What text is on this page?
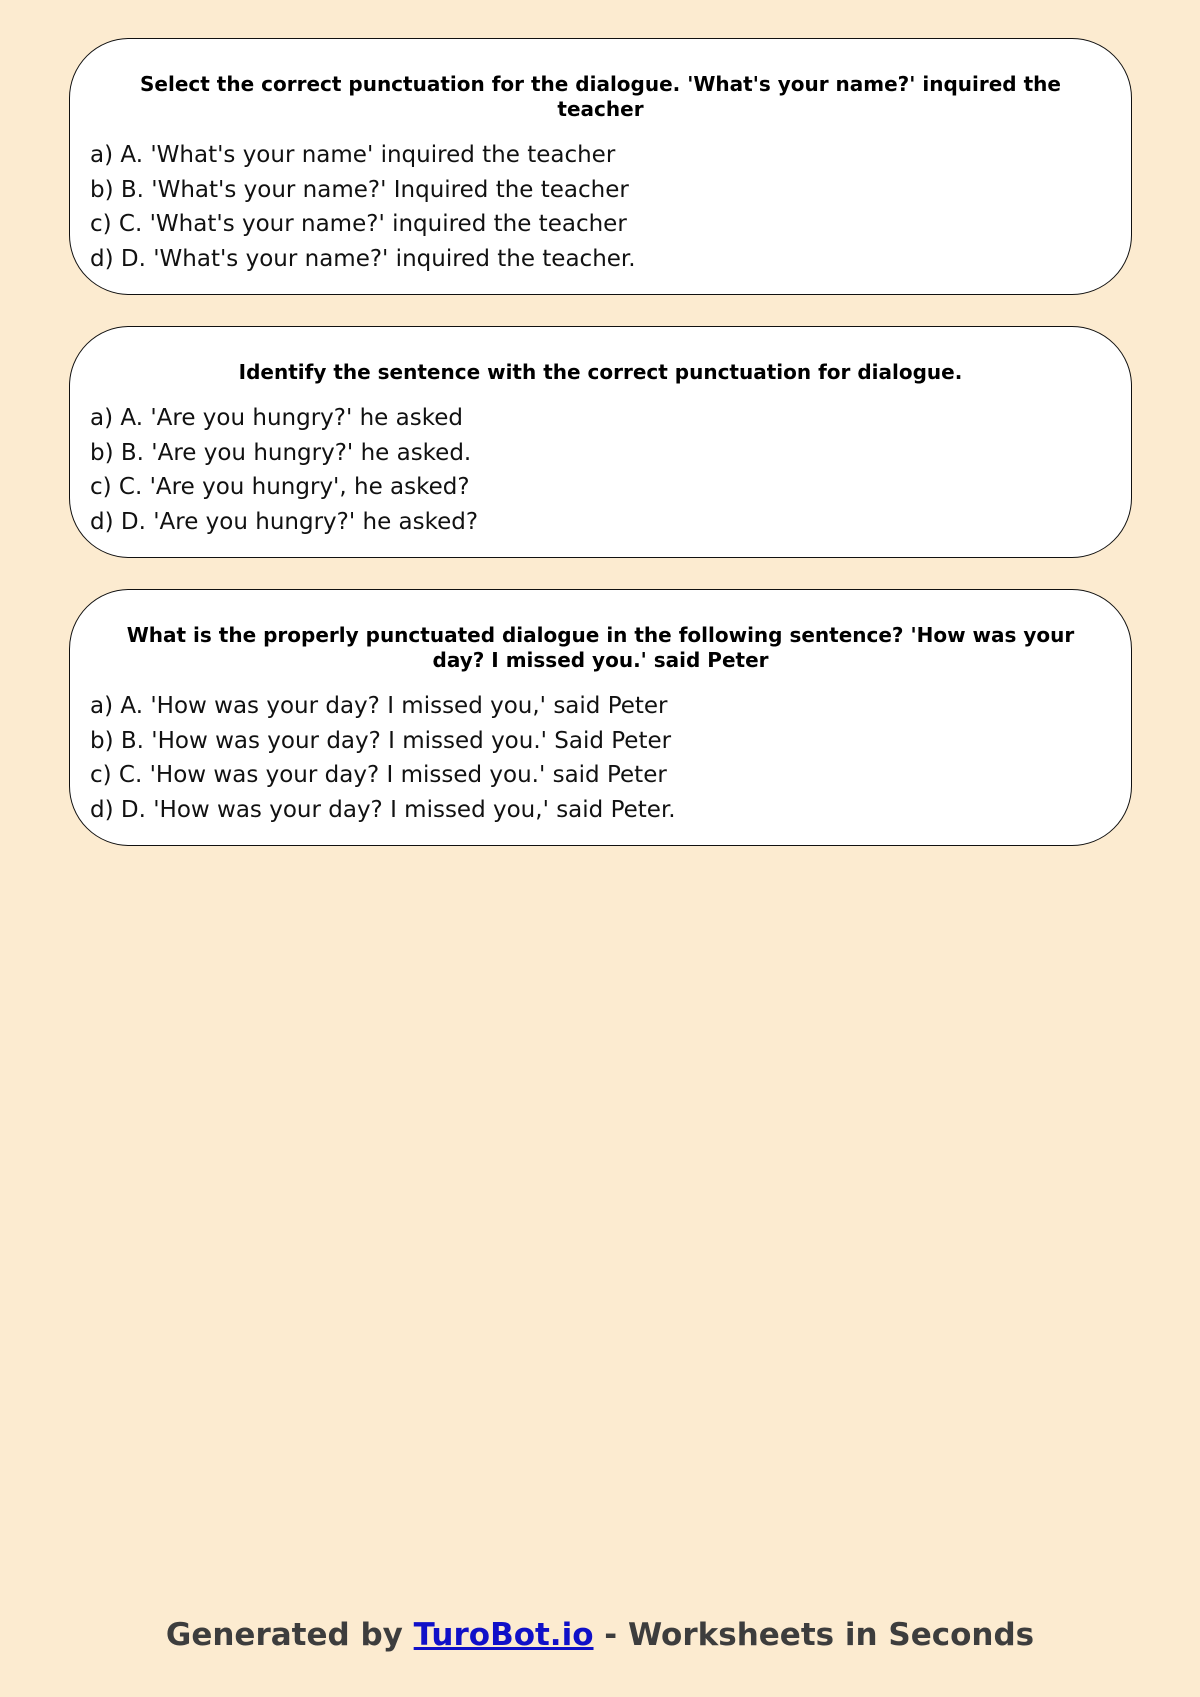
Select the correct punctuation for the dialogue. 'What's your name?' inquired the teacher
a) A. 'What's your name' inquired the teacher
b) B. 'What's your name?' Inquired the teacher
c) C. 'What's your name?' inquired the teacher
d) D. 'What's your name?' inquired the teacher.
Identify the sentence with the correct punctuation for dialogue.
a) A. 'Are you hungry?' he asked
b) B. 'Are you hungry?' he asked.
c) C. 'Are you hungry', he asked?
d) D. 'Are you hungry?' he asked?
What is the properly punctuated dialogue in the following sentence? 'How was your day? I missed you.' said Peter
a) A. 'How was your day? I missed you,' said Peter
b) B. 'How was your day? I missed you.' Said Peter
c) C. 'How was your day? I missed you.' said Peter
d) D. 'How was your day? I missed you,' said Peter.
Generated by TuroBot.io - Worksheets in Seconds
